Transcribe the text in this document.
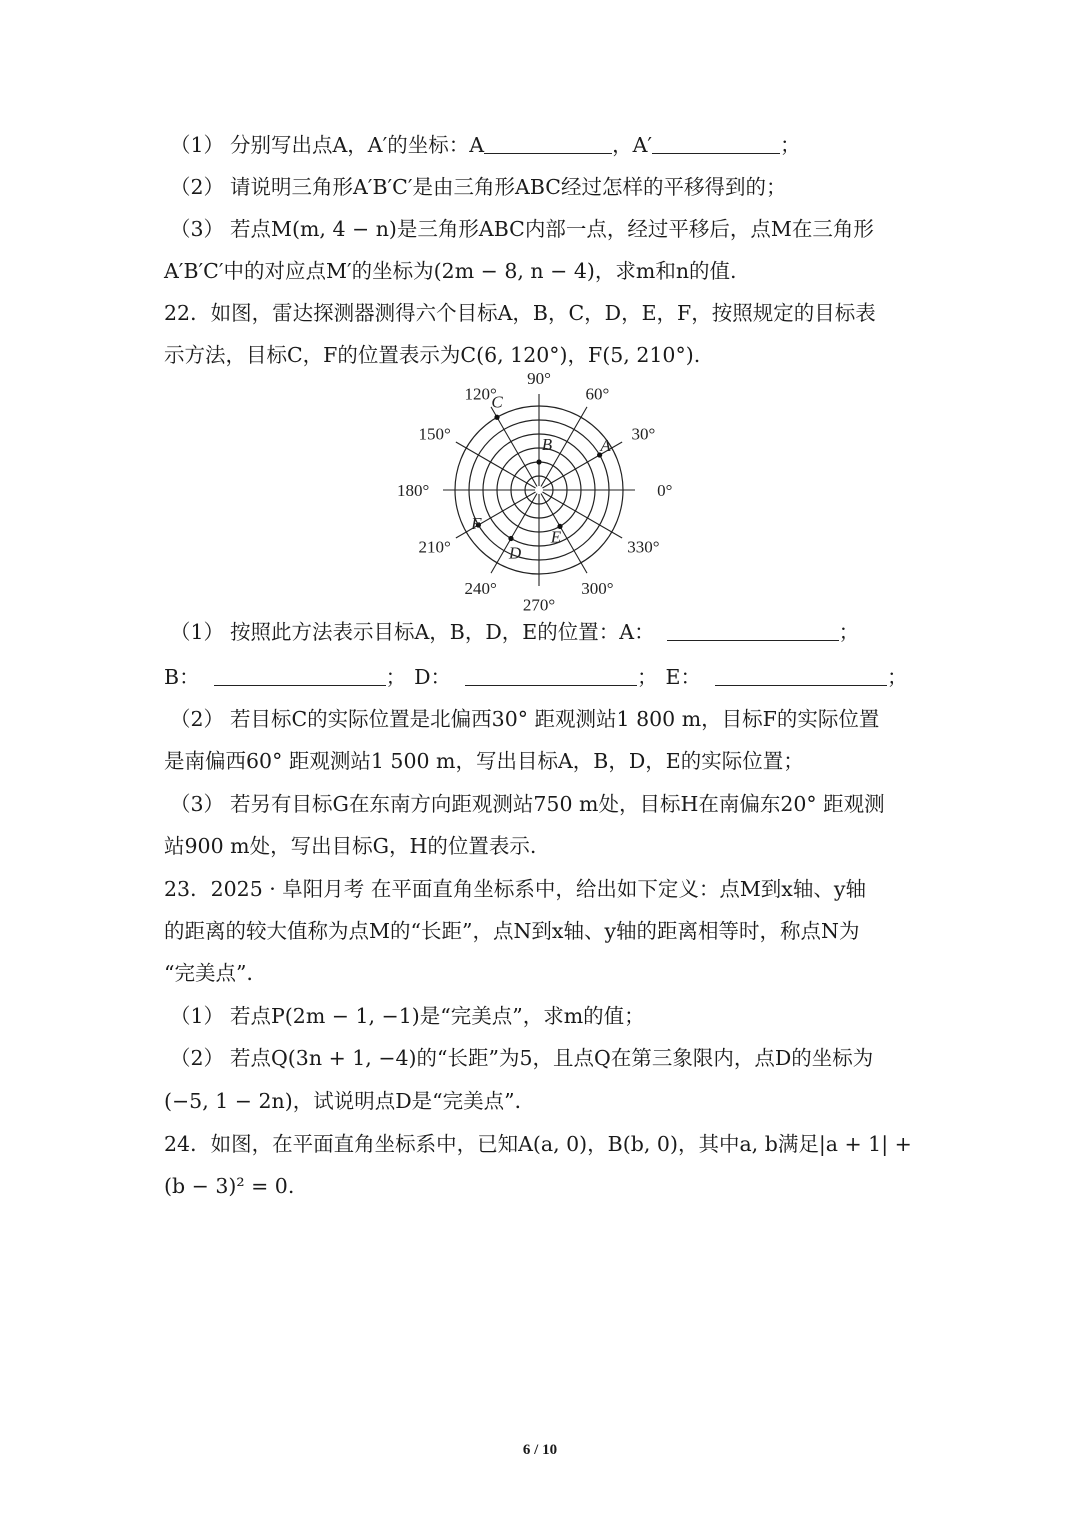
（1） 分别写出点A，A′的坐标：A	，A′	；
（2） 请说明三角形A′B′C′是由三角形ABC经过怎样的平移得到的；
（3） 若点M(m, 4 − n)是三角形ABC内部一点，经过平移后，点M在三角形
A′B′C′中的对应点M′的坐标为(2m − 8, n − 4)，求m和n的值.
22．如图，雷达探测器测得六个目标A，B，C，D，E，F，按照规定的目标表
示方法，目标C，F的位置表示为C(6, 120°)，F(5, 210°).
0°
30°
60°
90°
120°
150°
180°
210°
240°
270°
300°
330°
A
B
C
D
E
F
（1） 按照此方法表示目标A，B，D，E的位置：A：	；
B：	； D：	； E：	；
（2） 若目标C的实际位置是北偏西30° 距观测站1 800 m，目标F的实际位置
是南偏西60° 距观测站1 500 m，写出目标A，B，D，E的实际位置；
（3） 若另有目标G在东南方向距观测站750 m处，目标H在南偏东20° 距观测
站900 m处，写出目标G，H的位置表示.
23．2025 · 阜阳月考 在平面直角坐标系中，给出如下定义：点M到x轴、y轴
的距离的较大值称为点M的“长距”，点N到x轴、y轴的距离相等时，称点N为
“完美点”．
（1） 若点P(2m − 1, −1)是“完美点”，求m的值；
（2） 若点Q(3n + 1, −4)的“长距”为5，且点Q在第三象限内，点D的坐标为
(−5, 1 − 2n)，试说明点D是“完美点”．
24．如图，在平面直角坐标系中，已知A(a, 0)，B(b, 0)，其中a, b满足|a + 1| +
(b − 3)² = 0.
6 / 10
